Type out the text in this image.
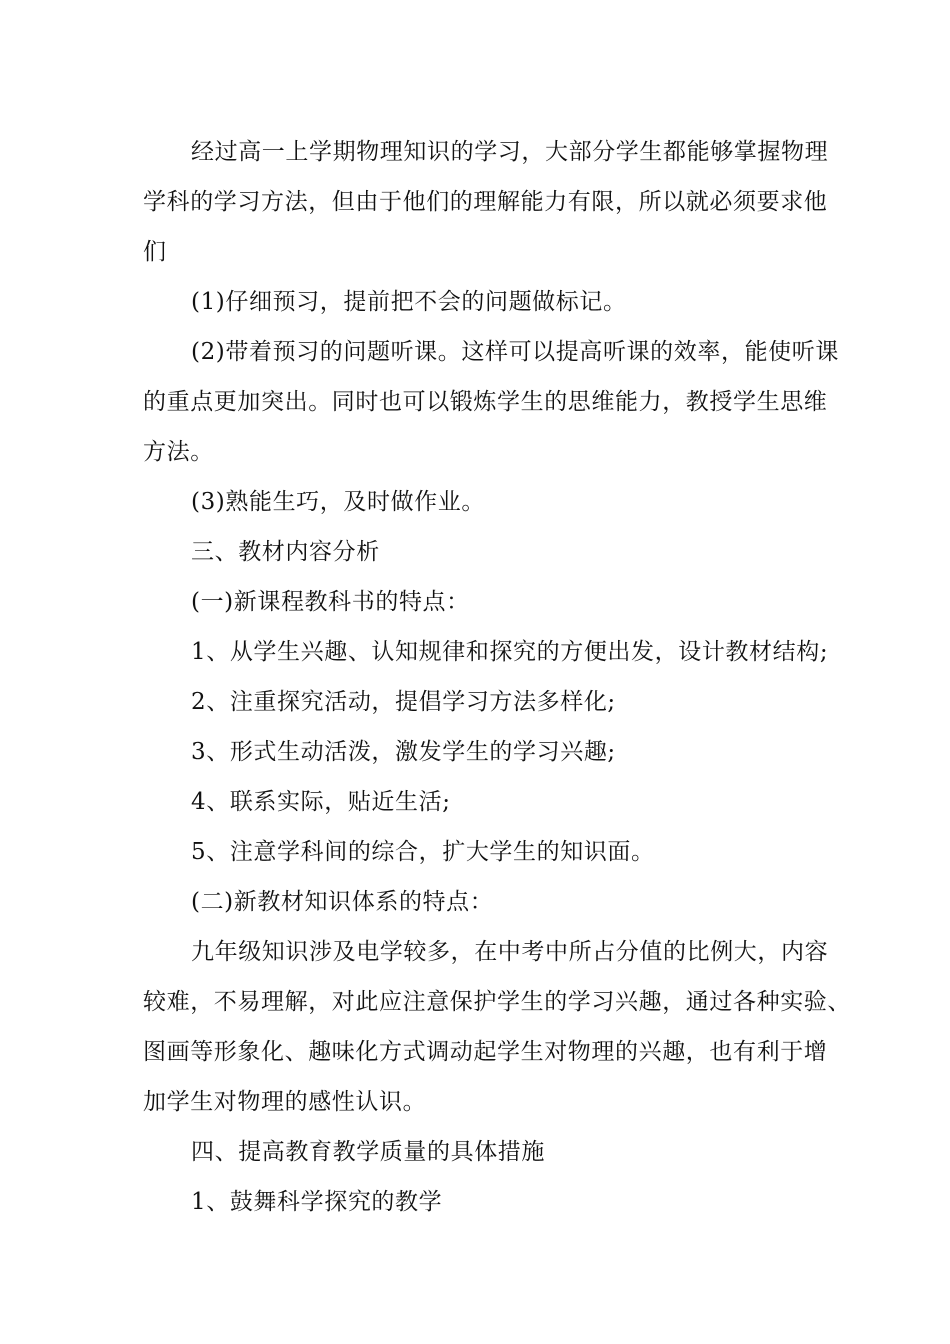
经过高一上学期物理知识的学习，大部分学生都能够掌握物理
学科的学习方法，但由于他们的理解能力有限，所以就必须要求他
们
(1)仔细预习，提前把不会的问题做标记。
(2)带着预习的问题听课。这样可以提高听课的效率，能使听课
的重点更加突出。同时也可以锻炼学生的思维能力，教授学生思维
方法。
(3)熟能生巧，及时做作业。
三、教材内容分析
(一)新课程教科书的特点：
1、从学生兴趣、认知规律和探究的方便出发，设计教材结构;
2、注重探究活动，提倡学习方法多样化;
3、形式生动活泼，激发学生的学习兴趣;
4、联系实际，贴近生活;
5、注意学科间的综合，扩大学生的知识面。
(二)新教材知识体系的特点：
九年级知识涉及电学较多，在中考中所占分值的比例大，内容
较难，不易理解，对此应注意保护学生的学习兴趣，通过各种实验、
图画等形象化、趣味化方式调动起学生对物理的兴趣，也有利于增
加学生对物理的感性认识。
四、提高教育教学质量的具体措施
1、鼓舞科学探究的教学
